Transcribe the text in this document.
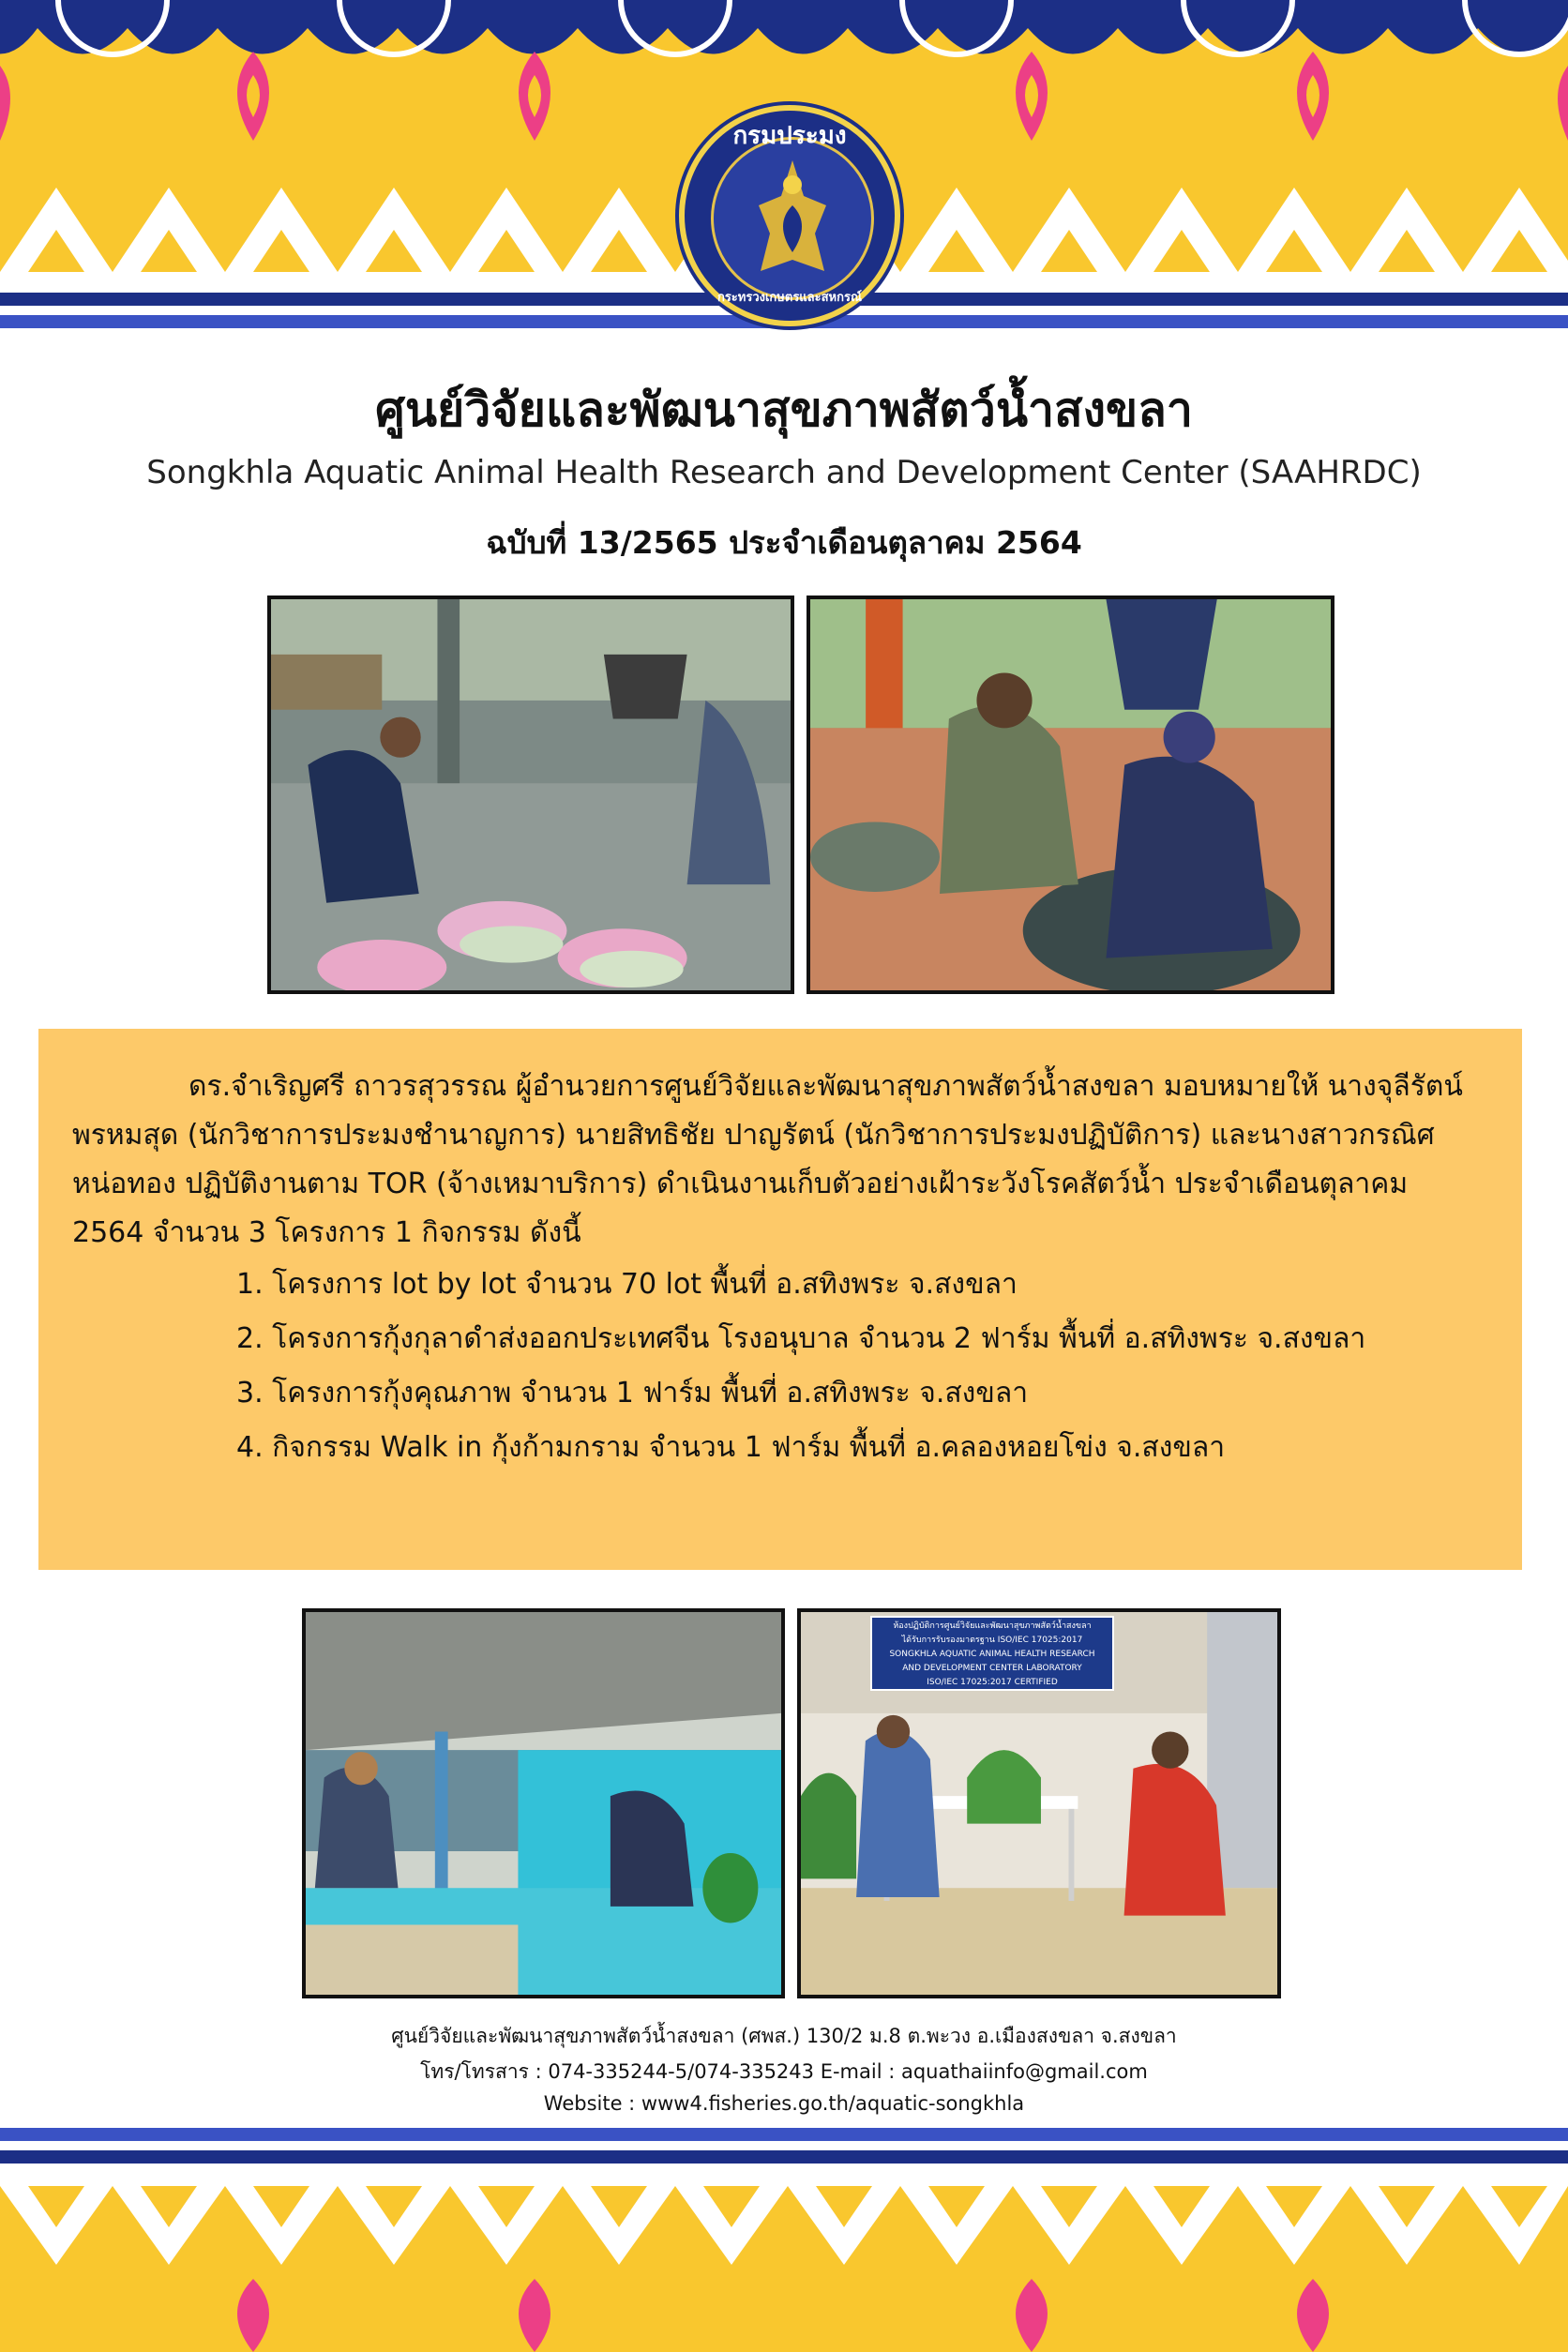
กรมประมง
กระทรวงเกษตรและสหกรณ์
ศูนย์วิจัยและพัฒนาสุขภาพสัตว์น้ำสงขลา
Songkhla Aquatic Animal Health Research and Development Center (SAAHRDC)
ฉบับที่ 13/2565 ประจำเดือนตุลาคม 2564

ดร.จำเริญศรี ถาวรสุวรรณ ผู้อำนวยการศูนย์วิจัยและพัฒนาสุขภาพสัตว์น้ำสงขลา มอบหมายให้ นางจุลีรัตน์ พรหมสุด (นักวิชาการประมงชำนาญการ) นายสิทธิชัย ปาญรัตน์ (นักวิชาการประมงปฏิบัติการ) และนางสาวกรณิศ หน่อทอง ปฏิบัติงานตาม TOR (จ้างเหมาบริการ) ดำเนินงานเก็บตัวอย่างเฝ้าระวังโรคสัตว์น้ำ ประจำเดือนตุลาคม 2564 จำนวน 3 โครงการ 1 กิจกรรม ดังนี้

1. โครงการ lot by lot จำนวน 70 lot พื้นที่ อ.สทิงพระ จ.สงขลา
2. โครงการกุ้งกุลาดำส่งออกประเทศจีน โรงอนุบาล จำนวน 2 ฟาร์ม พื้นที่ อ.สทิงพระ จ.สงขลา
3. โครงการกุ้งคุณภาพ จำนวน 1 ฟาร์ม พื้นที่ อ.สทิงพระ จ.สงขลา
4. กิจกรรม Walk in กุ้งก้ามกราม จำนวน 1 ฟาร์ม พื้นที่ อ.คลองหอยโข่ง จ.สงขลา
ห้องปฏิบัติการศูนย์วิจัยและพัฒนาสุขภาพสัตว์น้ำสงขลา
ได้รับการรับรองมาตรฐาน ISO/IEC 17025:2017
SONGKHLA AQUATIC ANIMAL HEALTH RESEARCH
AND DEVELOPMENT CENTER LABORATORY
ISO/IEC 17025:2017 CERTIFIED
ศูนย์วิจัยและพัฒนาสุขภาพสัตว์น้ำสงขลา (ศพส.) 130/2 ม.8 ต.พะวง อ.เมืองสงขลา จ.สงขลา
โทร/โทรสาร : 074-335244-5/074-335243 E-mail : aquathaiinfo@gmail.com
Website : www4.fisheries.go.th/aquatic-songkhla
